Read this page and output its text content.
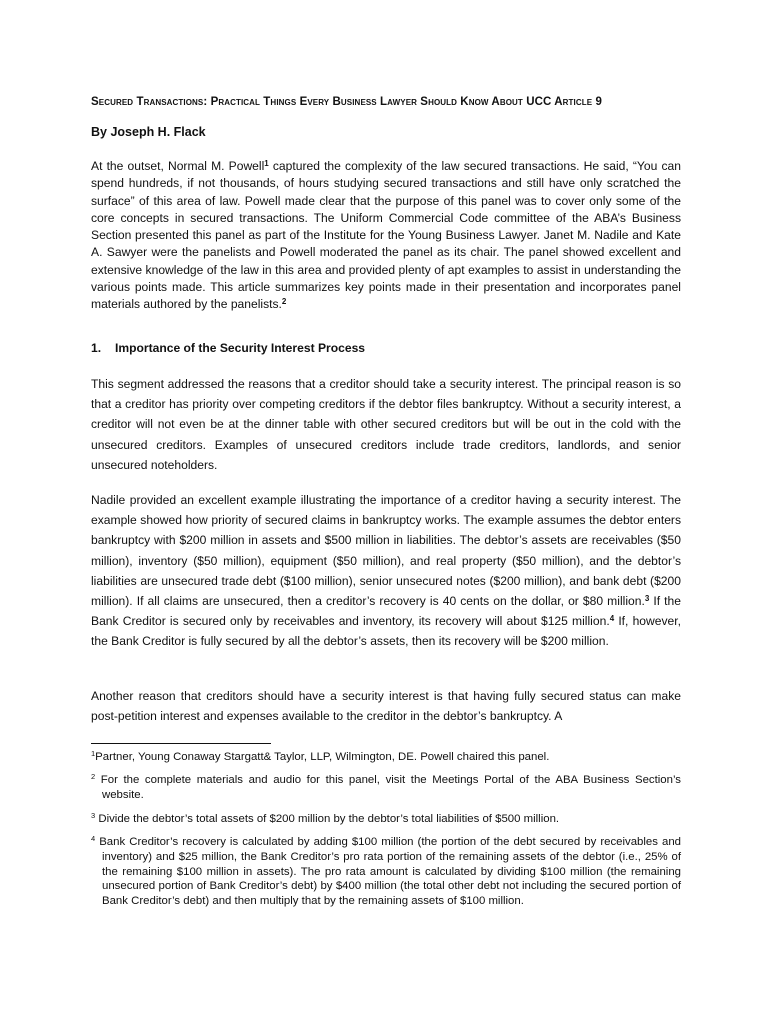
Secured Transactions: Practical Things Every Business Lawyer Should Know About UCC Article 9
By Joseph H. Flack
At the outset, Normal M. Powell$^1$ captured the complexity of the law secured transactions. He said, “You can spend hundreds, if not thousands, of hours studying secured transactions and still have only scratched the surface” of this area of law. Powell made clear that the purpose of this panel was to cover only some of the core concepts in secured transactions. The Uniform Commercial Code committee of the ABA’s Business Section presented this panel as part of the Institute for the Young Business Lawyer. Janet M. Nadile and Kate A. Sawyer were the panelists and Powell moderated the panel as its chair. The panel showed excellent and extensive knowledge of the law in this area and provided plenty of apt examples to assist in understanding the various points made. This article summarizes key points made in their presentation and incorporates panel materials authored by the panelists.$^2$
1. Importance of the Security Interest Process
This segment addressed the reasons that a creditor should take a security interest. The principal reason is so that a creditor has priority over competing creditors if the debtor files bankruptcy. Without a security interest, a creditor will not even be at the dinner table with other secured creditors but will be out in the cold with the unsecured creditors. Examples of unsecured creditors include trade creditors, landlords, and senior unsecured noteholders.
Nadile provided an excellent example illustrating the importance of a creditor having a security interest. The example showed how priority of secured claims in bankruptcy works. The example assumes the debtor enters bankruptcy with $200 million in assets and $500 million in liabilities. The debtor’s assets are receivables ($50 million), inventory ($50 million), equipment ($50 million), and real property ($50 million), and the debtor’s liabilities are unsecured trade debt ($100 million), senior unsecured notes ($200 million), and bank debt ($200 million). If all claims are unsecured, then a creditor’s recovery is 40 cents on the dollar, or $80 million.$^3$ If the Bank Creditor is secured only by receivables and inventory, its recovery will about $125 million.$^4$ If, however, the Bank Creditor is fully secured by all the debtor’s assets, then its recovery will be $200 million.
Another reason that creditors should have a security interest is that having fully secured status can make post-petition interest and expenses available to the creditor in the debtor’s bankruptcy. A
$^1$Partner, Young Conaway Stargatt& Taylor, LLP, Wilmington, DE. Powell chaired this panel.
$^2$ For the complete materials and audio for this panel, visit the Meetings Portal of the ABA Business Section’s website.
$^3$ Divide the debtor’s total assets of $200 million by the debtor’s total liabilities of $500 million.
$^4$ Bank Creditor’s recovery is calculated by adding $100 million (the portion of the debt secured by receivables and inventory) and $25 million, the Bank Creditor’s pro rata portion of the remaining assets of the debtor (i.e., 25% of the remaining $100 million in assets). The pro rata amount is calculated by dividing $100 million (the remaining unsecured portion of Bank Creditor’s debt) by $400 million (the total other debt not including the secured portion of Bank Creditor’s debt) and then multiply that by the remaining assets of $100 million.
